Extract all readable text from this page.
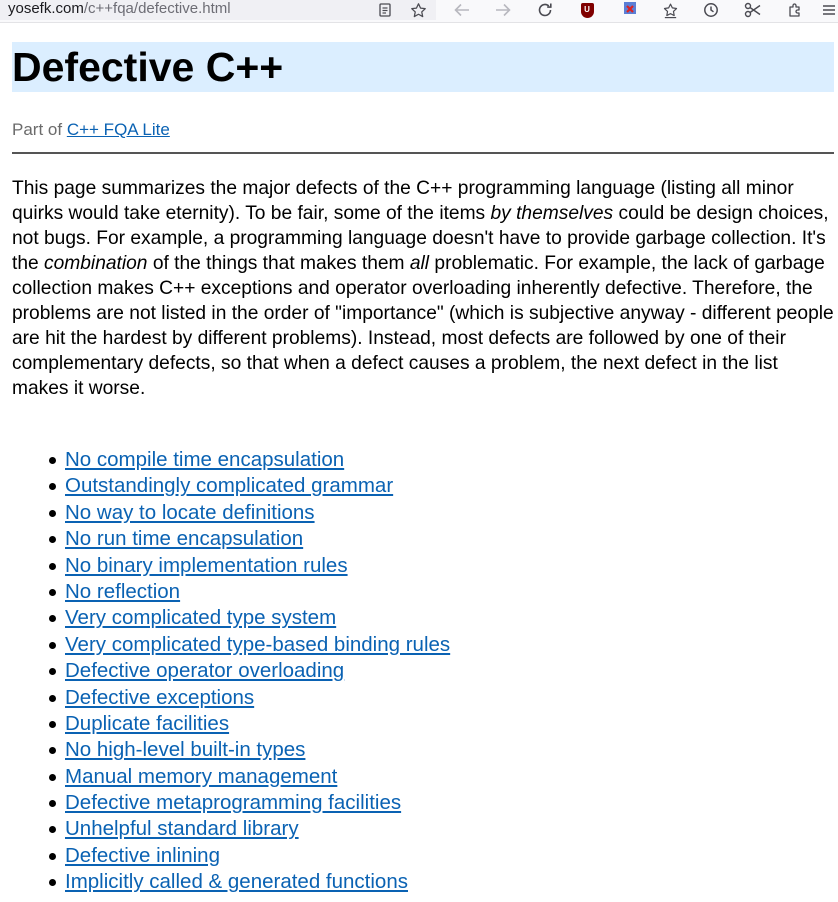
yosefk.com/c++fqa/defective.html	U
Defective C++
Part of C++ FQA Lite

This page summarizes the major defects of the C++ programming language (listing all minor quirks would take eternity). To be fair, some of the items by themselves could be design choices, not bugs. For example, a programming language doesn't have to provide garbage collection. It's the combination of the things that makes them all problematic. For example, the lack of garbage collection makes C++ exceptions and operator overloading inherently defective. Therefore, the problems are not listed in the order of "importance" (which is subjective anyway - different people are hit the hardest by different problems). Instead, most defects are followed by one of their complementary defects, so that when a defect causes a problem, the next defect in the list makes it worse.

No compile time encapsulation
Outstandingly complicated grammar
No way to locate definitions
No run time encapsulation
No binary implementation rules
No reflection
Very complicated type system
Very complicated type-based binding rules
Defective operator overloading
Defective exceptions
Duplicate facilities
No high-level built-in types
Manual memory management
Defective metaprogramming facilities
Unhelpful standard library
Defective inlining
Implicitly called & generated functions
